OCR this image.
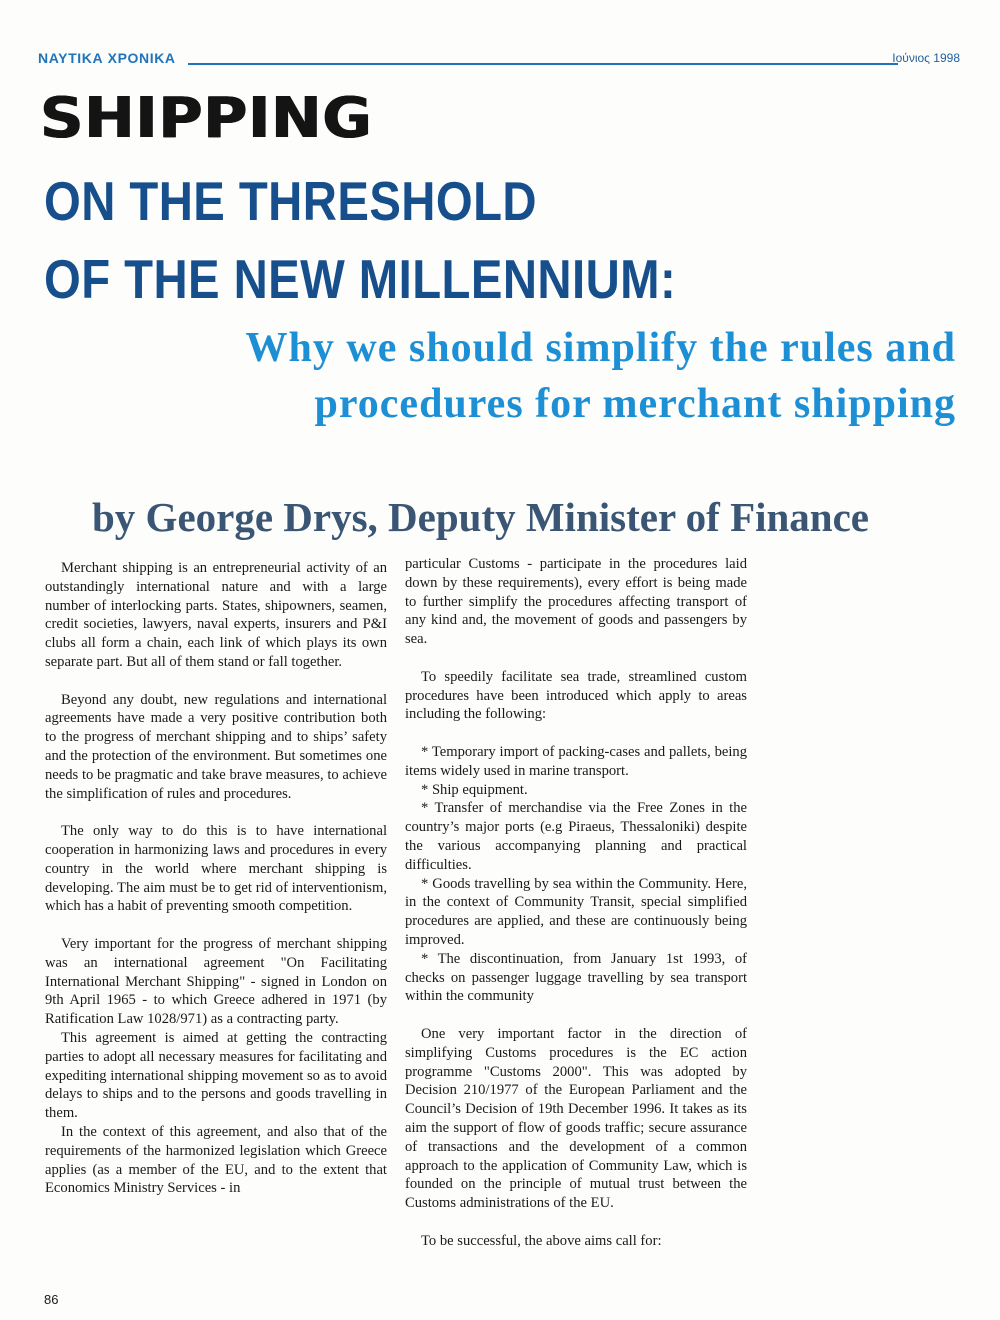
ΝΑΥΤΙΚΑ ΧΡΟΝΙΚΑ	Ιούνιος 1998
SHIPPING
ON THE THRESHOLD
OF THE NEW MILLENNIUM:
Why we should simplify the rules and
procedures for merchant shipping
by George Drys, Deputy Minister of Finance

Merchant shipping is an entrepreneurial activity of an outstandingly international nature and with a large number of interlocking parts. States, shipowners, seamen, credit societies, lawyers, naval experts, insurers and P&I clubs all form a chain, each link of which plays its own separate part. But all of them stand or fall together.

Beyond any doubt, new regulations and international agreements have made a very positive contribution both to the progress of merchant shipping and to ships’ safety and the protection of the environment. But sometimes one needs to be pragmatic and take brave measures, to achieve the simplification of rules and procedures.

The only way to do this is to have international cooperation in harmonizing laws and procedures in every country in the world where merchant shipping is developing. The aim must be to get rid of interventionism, which has a habit of preventing smooth competition.

Very important for the progress of merchant shipping was an international agreement "On Facilitating International Merchant Shipping" - signed in London on 9th April 1965 - to which Greece adhered in 1971 (by Ratification Law 1028/971) as a contracting party.

This agreement is aimed at getting the contracting parties to adopt all necessary measures for facilitating and expediting international shipping movement so as to avoid delays to ships and to the persons and goods travelling in them.

In the context of this agreement, and also that of the requirements of the harmonized legislation which Greece applies (as a member of the EU, and to the extent that Economics Ministry Services - in

particular Customs - participate in the procedures laid down by these requirements), every effort is being made to further simplify the procedures affecting transport of any kind and, the movement of goods and passengers by sea.

To speedily facilitate sea trade, streamlined custom procedures have been introduced which apply to areas including the following:

* Temporary import of packing-cases and pallets, being items widely used in marine transport.

* Ship equipment.

* Transfer of merchandise via the Free Zones in the country’s major ports (e.g Piraeus, Thessaloniki) despite the various accompanying planning and practical difficulties.

* Goods travelling by sea within the Community. Here, in the context of Community Transit, special simplified procedures are applied, and these are continuously being improved.

* The discontinuation, from January 1st 1993, of checks on passenger luggage travelling by sea transport within the community

One very important factor in the direction of simplifying Customs procedures is the EC action programme "Customs 2000". This was adopted by Decision 210/1977 of the European Parliament and the Council’s Decision of 19th December 1996. It takes as its aim the support of flow of goods traffic; secure assurance of transactions and the development of a common approach to the application of Community Law, which is founded on the principle of mutual trust between the Customs administrations of the EU.

To be successful, the above aims call for:

86
